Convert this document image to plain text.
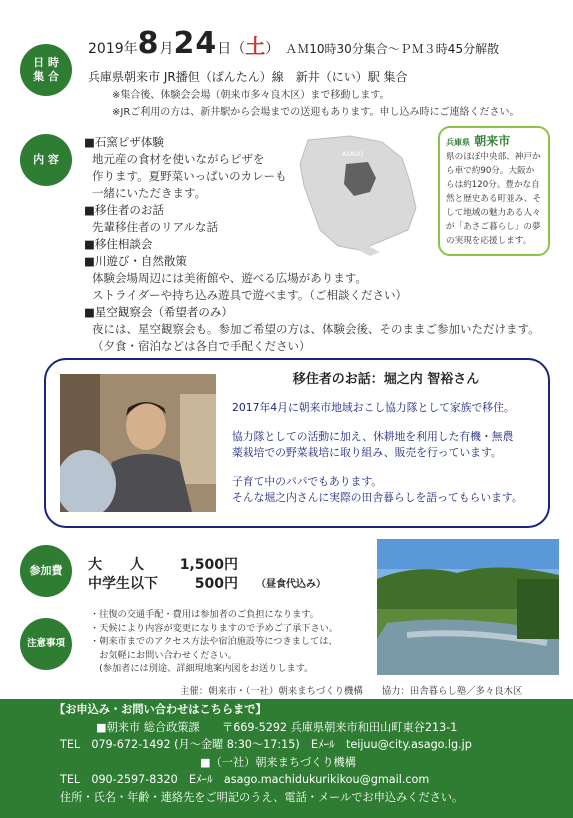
日 時
集 合
2019年 8 月 24 日（ 土 ） ＡＭ10時30分集合～ＰＭ３時45分解散
兵庫県朝来市 JR播但（ばんたん）線　新井（にい）駅 集合
※集合後、体験会会場（朝来市多々良木区）まで移動します。
※JRご利用の方は、新井駅から会場までの送迎もあります。申し込み時にご連絡ください。
内 容
■石窯ピザ体験
地元産の食材を使いながらピザを
作ります。夏野菜いっぱいのカレーも
一緒にいただきます。
■移住者のお話
先輩移住者のリアルな話
■移住相談会
■川遊び・自然散策
体験会場周辺には美術館や、遊べる広場があります。
ストライダーや持ち込み遊具で遊べます。（ご相談ください）
■星空観察会（希望者のみ）
夜には、星空観察会も。参加ご希望の方は、体験会後、そのままご参加いただけます。
（夕食・宿泊などは各自で手配ください）
ASAGO
兵庫県 朝来市
県のほぼ中央部、神戸か
ら車で約90分。大阪か
らは約120分。豊かな自
然と歴史ある町並み、そ
して地域の魅力ある人々
が「あさご暮らし」の夢
の実現を応援します。
移住者のお話：堀之内 智裕さん
2017年4月に朝来市地域おこし協力隊として家族で移住。
協力隊としての活動に加え、休耕地を利用した有機・無農
薬栽培での野菜栽培に取り組み、販売を行っています。
子育て中のパパでもあります。
そんな堀之内さんに実際の田舎暮らしを語ってもらいます。
参加費 大　　人	1,500円
中学生以下	500円 （昼食代込み）
注意事項
・往復の交通手配・費用は参加者のご負担になります。
・天候により内容が変更になりますので予めご了承下さい。
・朝来市までのアクセス方法や宿泊施設等につきましては、
　お気軽にお問い合わせください。
　(参加者には別途、詳細現地案内図をお送りします。
主催：朝来市・（一社）朝来まちづくり機構 協力：田舎暮らし塾／多々良木区
【お申込み・お問い合わせはこちらまで】
■朝来市 総合政策課　　〒669-5292 兵庫県朝来市和田山町東谷213-1
TEL　079-672-1492 (月～金曜 8:30～17:15)　Eﾒｰﾙ　teijuu@city.asago.lg.jp
■（一社）朝来まちづくり機構
TEL　090-2597-8320　Eﾒｰﾙ　asago.machidukurikikou@gmail.com
住所・氏名・年齢・連絡先をご明記のうえ、電話・メールでお申込みください。
